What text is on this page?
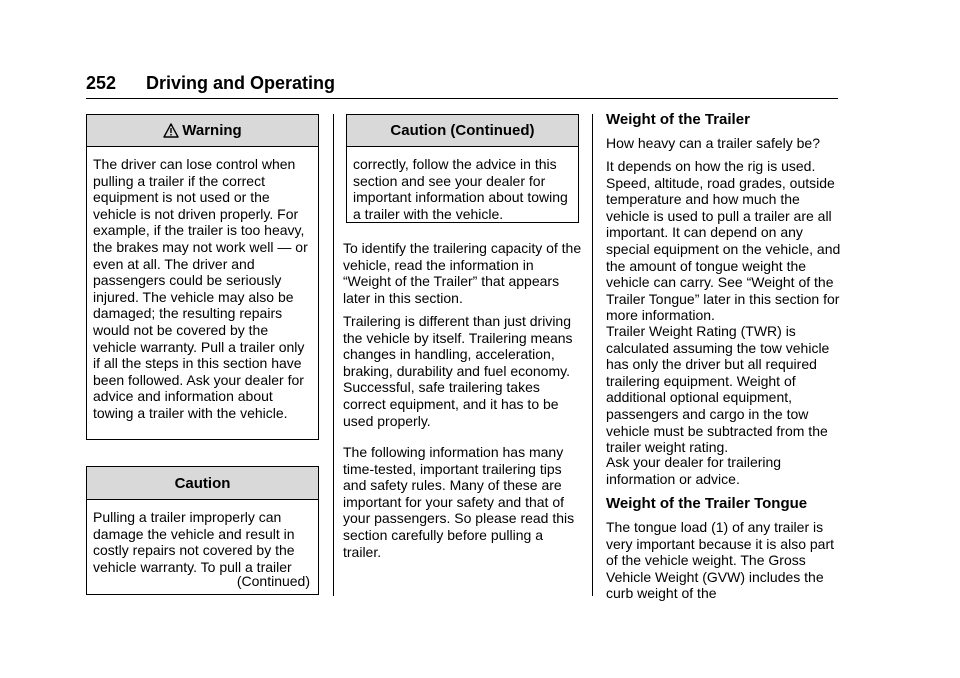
252 Driving and Operating
Warning
The driver can lose control when pulling a trailer if the correct equipment is not used or the vehicle is not driven properly. For example, if the trailer is too heavy, the brakes may not work well — or even at all. The driver and passengers could be seriously injured. The vehicle may also be damaged; the resulting repairs would not be covered by the vehicle warranty. Pull a trailer only if all the steps in this section have been followed. Ask your dealer for advice and information about towing a trailer with the vehicle.
Caution
Pulling a trailer improperly can damage the vehicle and result in costly repairs not covered by the vehicle warranty. To pull a trailer
(Continued)
Caution (Continued)
correctly, follow the advice in this section and see your dealer for important information about towing a trailer with the vehicle.

To identify the trailering capacity of the vehicle, read the information in “Weight of the Trailer” that appears later in this section.

Trailering is different than just driving the vehicle by itself. Trailering means changes in handling, acceleration, braking, durability and fuel economy. Successful, safe trailering takes correct equipment, and it has to be used properly.

The following information has many time-tested, important trailering tips and safety rules. Many of these are important for your safety and that of your passengers. So please read this section carefully before pulling a trailer.

Weight of the Trailer

How heavy can a trailer safely be?

It depends on how the rig is used. Speed, altitude, road grades, outside temperature and how much the vehicle is used to pull a trailer are all important. It can depend on any special equipment on the vehicle, and the amount of tongue weight the vehicle can carry. See “Weight of the Trailer Tongue” later in this section for more information.

Trailer Weight Rating (TWR) is calculated assuming the tow vehicle has only the driver but all required trailering equipment. Weight of additional optional equipment, passengers and cargo in the tow vehicle must be subtracted from the trailer weight rating.

Ask your dealer for trailering information or advice.

Weight of the Trailer Tongue

The tongue load (1) of any trailer is very important because it is also part of the vehicle weight. The Gross Vehicle Weight (GVW) includes the curb weight of the
